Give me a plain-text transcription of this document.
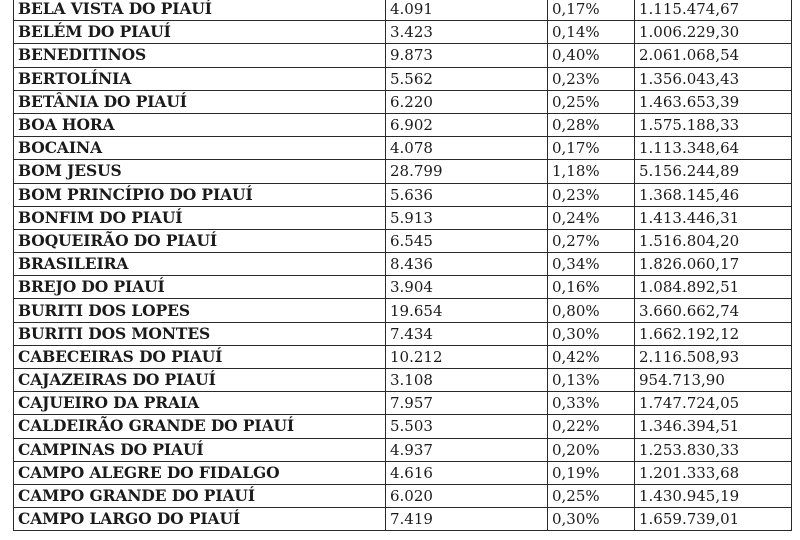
BELA VISTA DO PIAUÍ	4.091	0,17%	1.115.474,67
BELÉM DO PIAUÍ	3.423	0,14%	1.006.229,30
BENEDITINOS	9.873	0,40%	2.061.068,54
BERTOLÍNIA	5.562	0,23%	1.356.043,43
BETÂNIA DO PIAUÍ	6.220	0,25%	1.463.653,39
BOA HORA	6.902	0,28%	1.575.188,33
BOCAINA	4.078	0,17%	1.113.348,64
BOM JESUS	28.799	1,18%	5.156.244,89
BOM PRINCÍPIO DO PIAUÍ	5.636	0,23%	1.368.145,46
BONFIM DO PIAUÍ	5.913	0,24%	1.413.446,31
BOQUEIRÃO DO PIAUÍ	6.545	0,27%	1.516.804,20
BRASILEIRA	8.436	0,34%	1.826.060,17
BREJO DO PIAUÍ	3.904	0,16%	1.084.892,51
BURITI DOS LOPES	19.654	0,80%	3.660.662,74
BURITI DOS MONTES	7.434	0,30%	1.662.192,12
CABECEIRAS DO PIAUÍ	10.212	0,42%	2.116.508,93
CAJAZEIRAS DO PIAUÍ	3.108	0,13%	954.713,90
CAJUEIRO DA PRAIA	7.957	0,33%	1.747.724,05
CALDEIRÃO GRANDE DO PIAUÍ	5.503	0,22%	1.346.394,51
CAMPINAS DO PIAUÍ	4.937	0,20%	1.253.830,33
CAMPO ALEGRE DO FIDALGO	4.616	0,19%	1.201.333,68
CAMPO GRANDE DO PIAUÍ	6.020	0,25%	1.430.945,19
CAMPO LARGO DO PIAUÍ	7.419	0,30%	1.659.739,01
